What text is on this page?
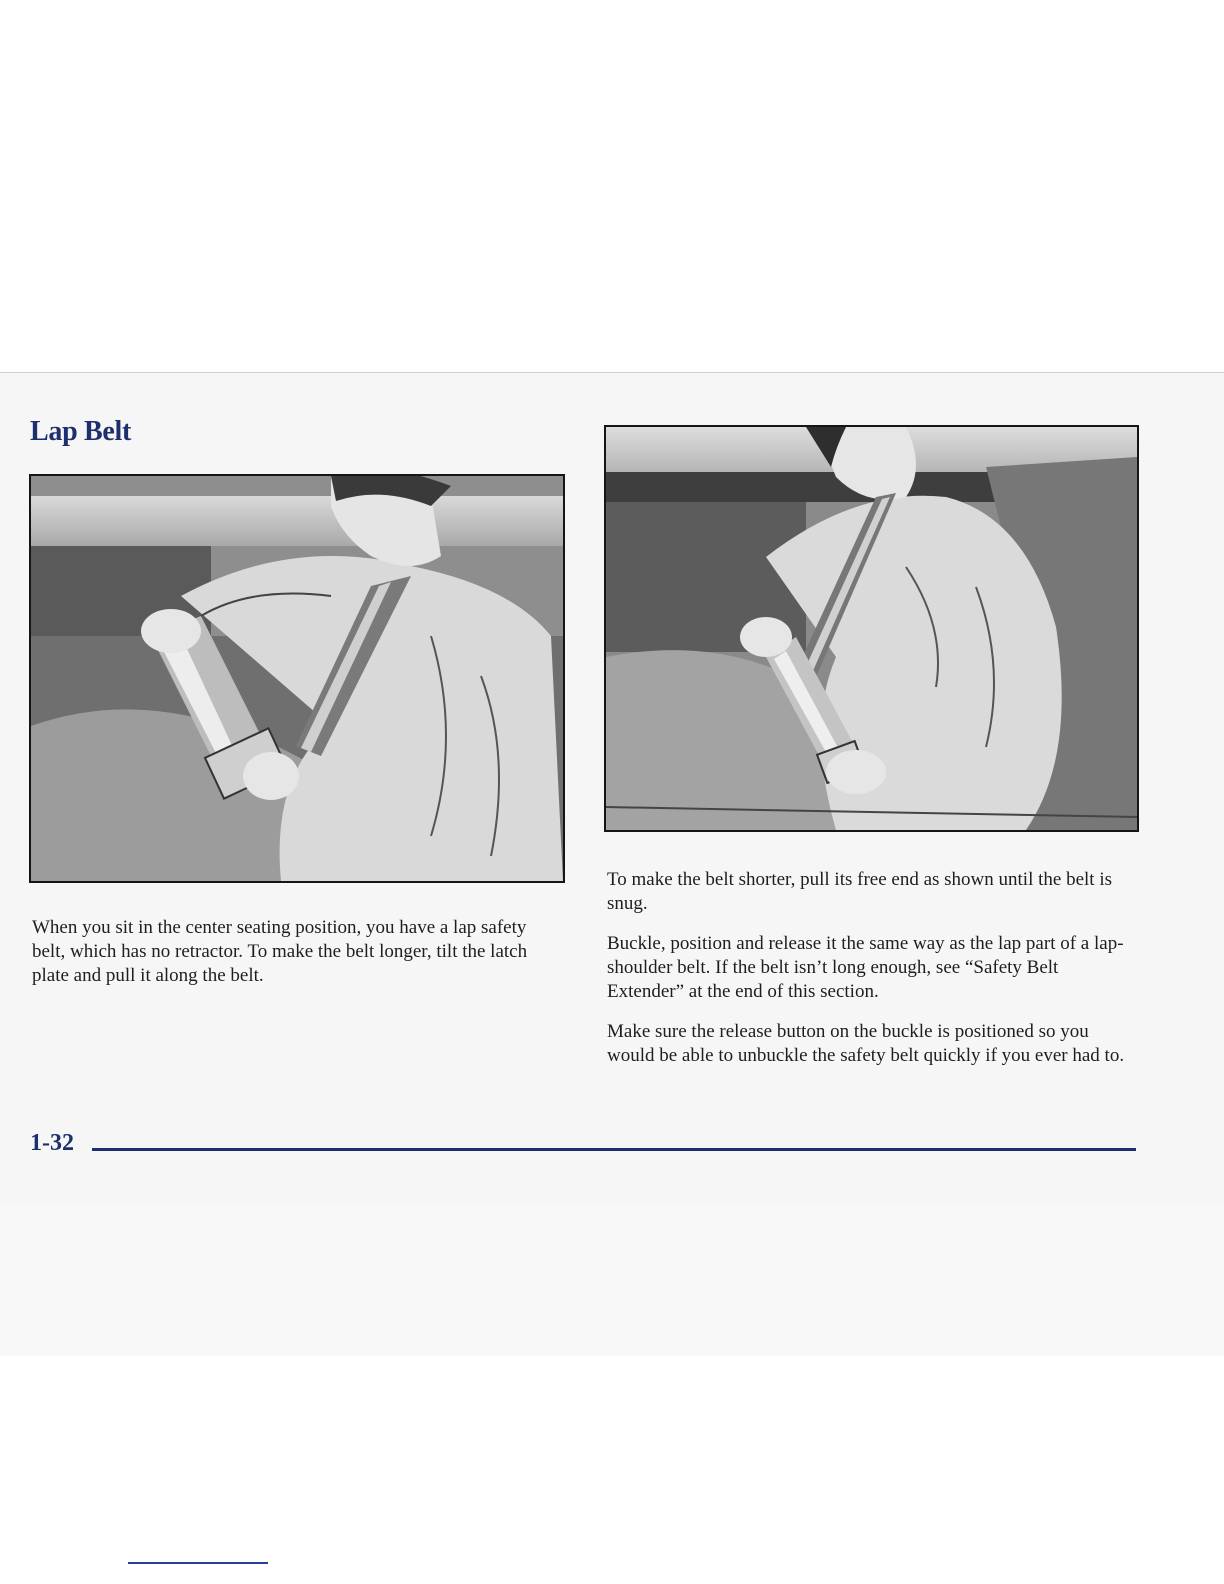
Lap Belt

When you sit in the center seating position, you have a lap safety belt, which has no retractor. To make the belt longer, tilt the latch plate and pull it along the belt.

To make the belt shorter, pull its free end as shown until the belt is snug.

Buckle, position and release it the same way as the lap part of a lap-shoulder belt. If the belt isn’t long enough, see “Safety Belt Extender” at the end of this section.

Make sure the release button on the buckle is positioned so you would be able to unbuckle the safety belt quickly if you ever had to.

1-32
